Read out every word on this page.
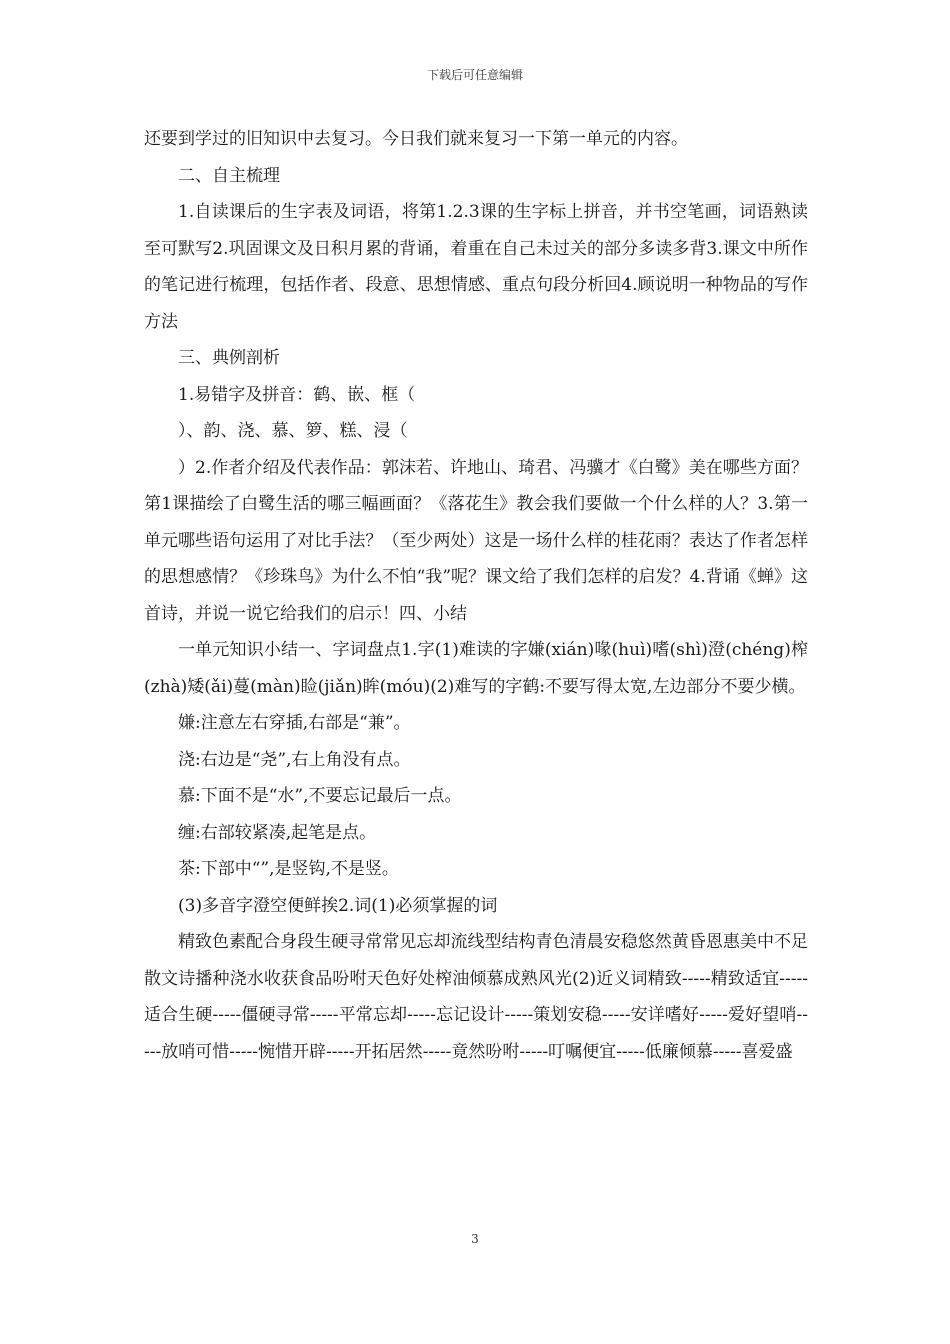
下载后可任意编辑

还要到学过的旧知识中去复习。今日我们就来复习一下第一单元的内容。

二、自主梳理

1.自读课后的生字表及词语，将第1.2.3课的生字标上拼音，并书空笔画，词语熟读至可默写2.巩固课文及日积月累的背诵，着重在自己未过关的部分多读多背3.课文中所作的笔记进行梳理，包括作者、段意、思想情感、重点句段分析回4.顾说明一种物品的写作方法

三、典例剖析

1.易错字及拼音：鹤、嵌、框（

）、韵、浇、慕、箩、糕、浸（

）2.作者介绍及代表作品：郭沫若、许地山、琦君、冯骥才《白鹭》美在哪些方面？第1课描绘了白鹭生活的哪三幅画面？《落花生》教会我们要做一个什么样的人？3.第一单元哪些语句运用了对比手法？（至少两处）这是一场什么样的桂花雨？表达了作者怎样的思想感情？《珍珠鸟》为什么不怕“我”呢？课文给了我们怎样的启发？4.背诵《蝉》这首诗，并说一说它给我们的启示！四、小结

一单元知识小结一、字词盘点1.字(1)难读的字嫌(xián)喙(huì)嗜(shì)澄(chéng)榨(zhà)矮(ǎi)蔓(màn)睑(jiǎn)眸(móu)(2)难写的字鹤:不要写得太宽,左边部分不要少横。

嫌:注意左右穿插,右部是“兼”。

浇:右边是“尧”,右上角没有点。

慕:下面不是“水”,不要忘记最后一点。

缠:右部较紧凑,起笔是点。

茶:下部中“”,是竖钩,不是竖。

(3)多音字澄空便鲜挨2.词(1)必须掌握的词

精致色素配合身段生硬寻常常见忘却流线型结构青色清晨安稳悠然黄昏恩惠美中不足散文诗播种浇水收获食品吩咐天色好处榨油倾慕成熟风光(2)近义词精致-----精致适宜-----适合生硬-----僵硬寻常-----平常忘却-----忘记设计-----策划安稳-----安详嗜好-----爱好望哨-----放哨可惜-----惋惜开辟-----开拓居然-----竟然吩咐-----叮嘱便宜-----低廉倾慕-----喜爱盛

3
